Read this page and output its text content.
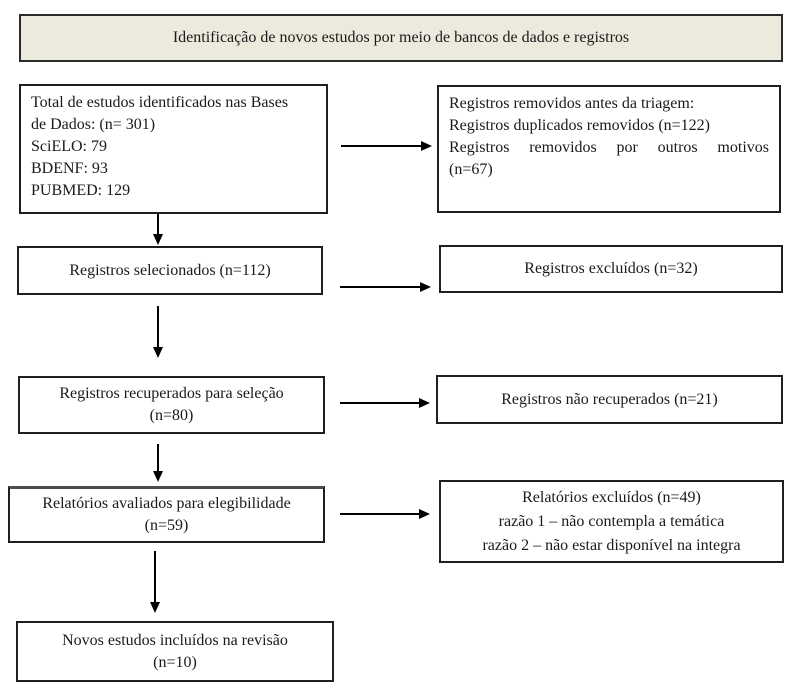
Identificação de novos estudos por meio de bancos de dados e registros
Total de estudos identificados nas Bases
de Dados: (n= 301)
SciELO: 79
BDENF: 93
PUBMED: 129
Registros removidos antes da triagem:
Registros duplicados removidos (n=122)
Registros removidos por outros motivos
(n=67)
Registros selecionados (n=112)	Registros excluídos (n=32)
Registros recuperados para seleção
(n=80)
Registros não recuperados (n=21)
Relatórios avaliados para elegibilidade
(n=59)
Relatórios excluídos (n=49)
razão 1 – não contempla a temática
razão 2 – não estar disponível na integra
Novos estudos incluídos na revisão
(n=10)
